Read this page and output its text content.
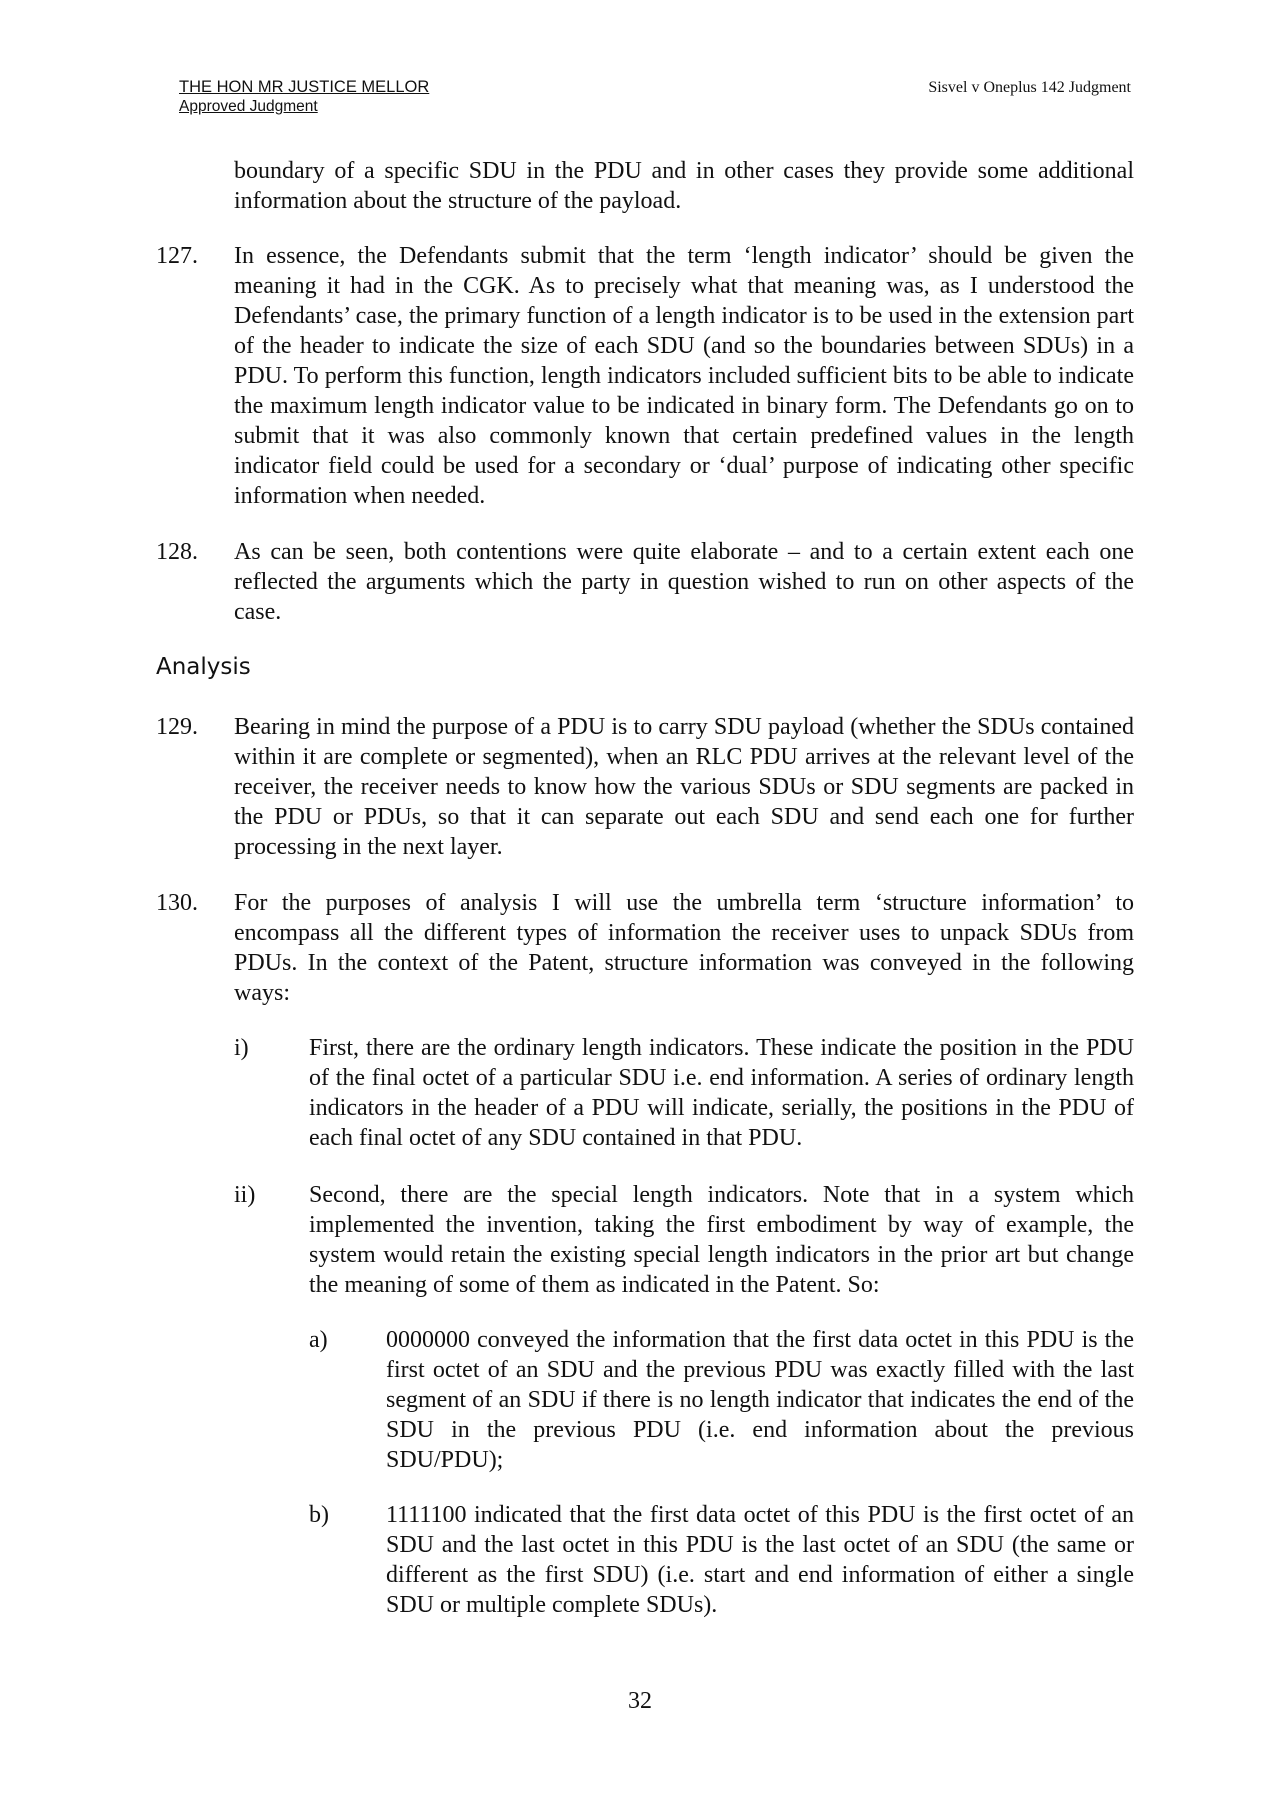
THE HON MR JUSTICE MELLOR
Approved Judgment
Sisvel v Oneplus 142 Judgment

boundary of a specific SDU in the PDU and in other cases they provide some additional information about the structure of the payload.

127. In essence, the Defendants submit that the term ‘length indicator’ should be given the meaning it had in the CGK. As to precisely what that meaning was, as I understood the Defendants’ case, the primary function of a length indicator is to be used in the extension part of the header to indicate the size of each SDU (and so the boundaries between SDUs) in a PDU. To perform this function, length indicators included sufficient bits to be able to indicate the maximum length indicator value to be indicated in binary form. The Defendants go on to submit that it was also commonly known that certain predefined values in the length indicator field could be used for a secondary or ‘dual’ purpose of indicating other specific information when needed.

128. As can be seen, both contentions were quite elaborate – and to a certain extent each one reflected the arguments which the party in question wished to run on other aspects of the case.

Analysis
129. Bearing in mind the purpose of a PDU is to carry SDU payload (whether the SDUs contained within it are complete or segmented), when an RLC PDU arrives at the relevant level of the receiver, the receiver needs to know how the various SDUs or SDU segments are packed in the PDU or PDUs, so that it can separate out each SDU and send each one for further processing in the next layer.

130. For the purposes of analysis I will use the umbrella term ‘structure information’ to encompass all the different types of information the receiver uses to unpack SDUs from PDUs. In the context of the Patent, structure information was conveyed in the following ways:

i)	First, there are the ordinary length indicators. These indicate the position in the PDU of the final octet of a particular SDU i.e. end information. A series of ordinary length indicators in the header of a PDU will indicate, serially, the positions in the PDU of each final octet of any SDU contained in that PDU.

ii) Second, there are the special length indicators. Note that in a system which implemented the invention, taking the first embodiment by way of example, the system would retain the existing special length indicators in the prior art but change the meaning of some of them as indicated in the Patent. So:

a) 0000000 conveyed the information that the first data octet in this PDU is the first octet of an SDU and the previous PDU was exactly filled with the last segment of an SDU if there is no length indicator that indicates the end of the SDU in the previous PDU (i.e. end information about the previous SDU/PDU);

b) 1111100 indicated that the first data octet of this PDU is the first octet of an SDU and the last octet in this PDU is the last octet of an SDU (the same or different as the first SDU) (i.e. start and end information of either a single SDU or multiple complete SDUs).

32
